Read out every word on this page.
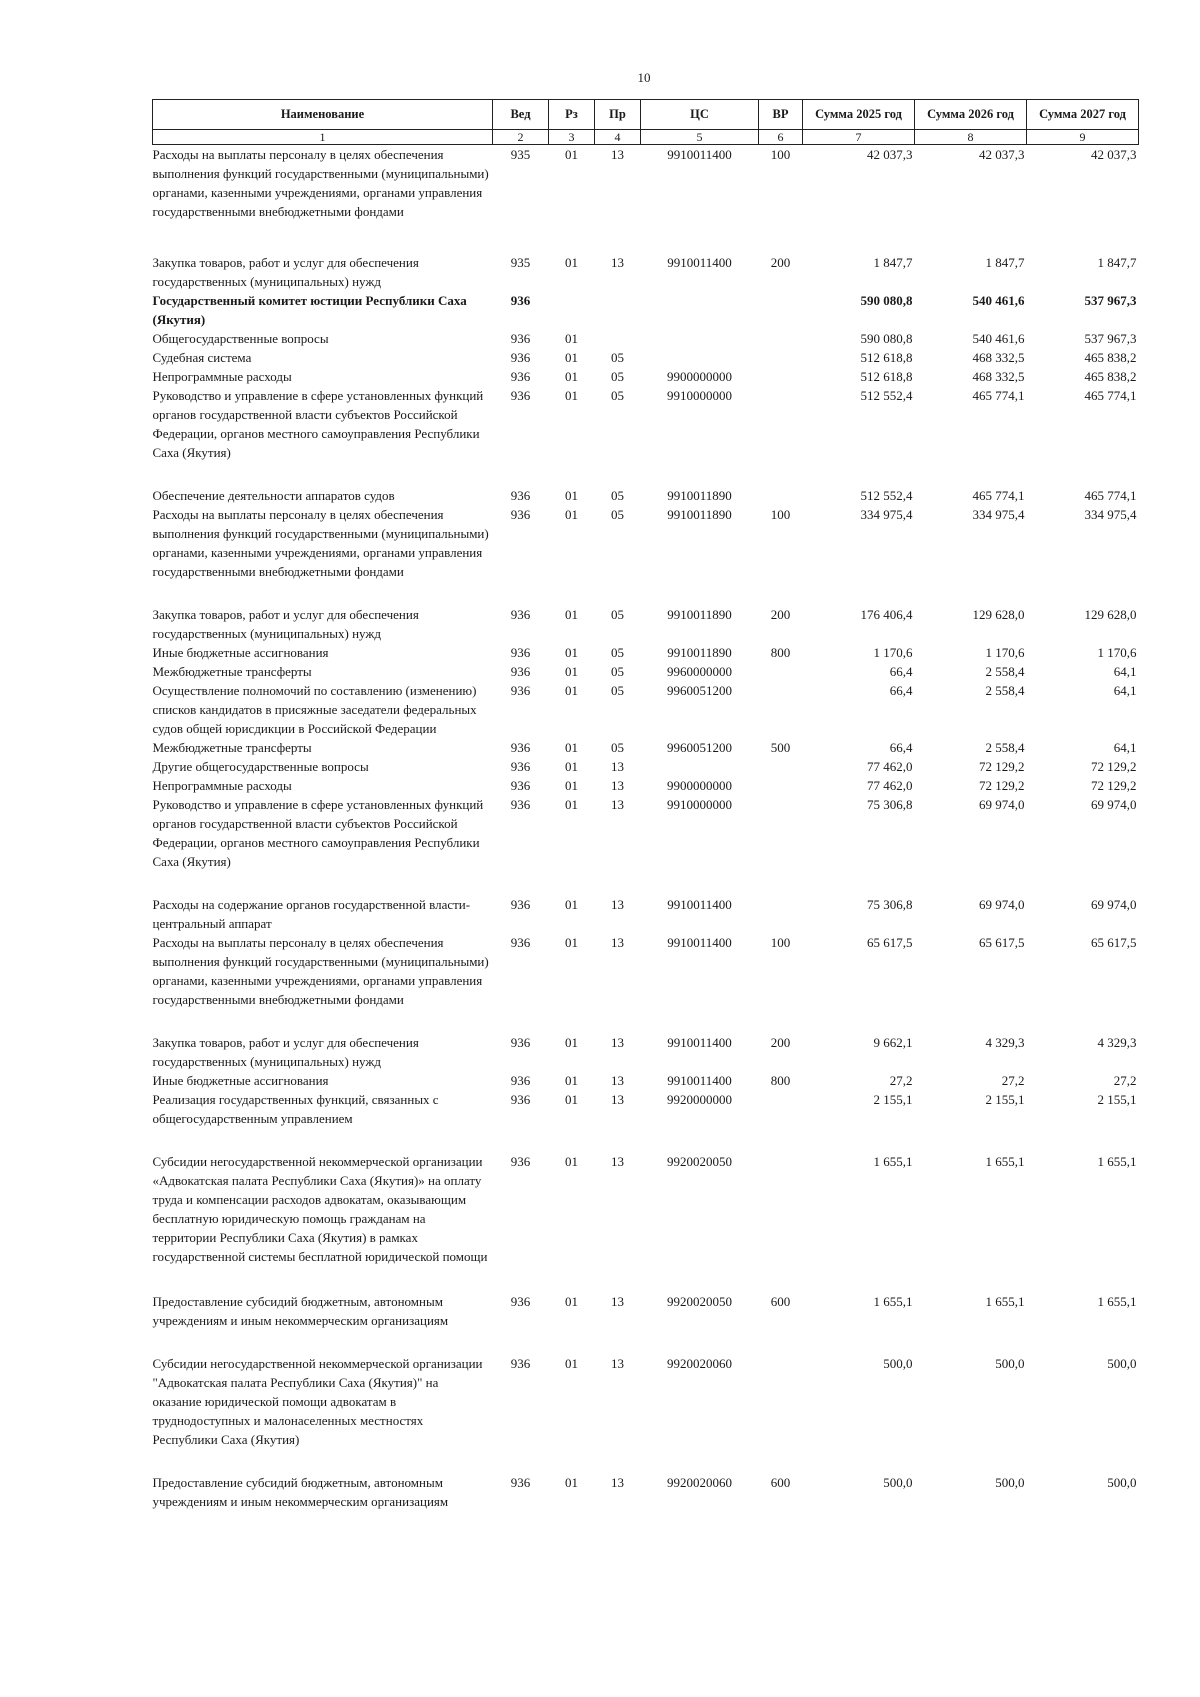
10
Наименование	Вед	Рз	Пр	ЦС	ВР	Сумма 2025 год	Сумма 2026 год	Сумма 2027 год
1	2	3	4	5	6	7	8	9
Расходы на выплаты персоналу в целях обеспечения выполнения функций государственными (муниципальными) органами, казенными учреждениями, органами управления государственными внебюджетными фондами	935	01	13	9910011400	100	42 037,3	42 037,3	42 037,3
Закупка товаров, работ и услуг для обеспечения государственных (муниципальных) нужд	935	01	13	9910011400	200	1 847,7	1 847,7	1 847,7
Государственный комитет юстиции Республики Саха (Якутия)	936					590 080,8	540 461,6	537 967,3
Общегосударственные вопросы	936	01				590 080,8	540 461,6	537 967,3
Судебная система	936	01	05			512 618,8	468 332,5	465 838,2
Непрограммные расходы	936	01	05	9900000000		512 618,8	468 332,5	465 838,2
Руководство и управление в сфере установленных функций органов государственной власти субъектов Российской Федерации, органов местного самоуправления Республики Саха (Якутия)	936	01	05	9910000000		512 552,4	465 774,1	465 774,1
Обеспечение деятельности аппаратов судов	936	01	05	9910011890		512 552,4	465 774,1	465 774,1
Расходы на выплаты персоналу в целях обеспечения выполнения функций государственными (муниципальными) органами, казенными учреждениями, органами управления государственными внебюджетными фондами	936	01	05	9910011890	100	334 975,4	334 975,4	334 975,4
Закупка товаров, работ и услуг для обеспечения государственных (муниципальных) нужд	936	01	05	9910011890	200	176 406,4	129 628,0	129 628,0
Иные бюджетные ассигнования	936	01	05	9910011890	800	1 170,6	1 170,6	1 170,6
Межбюджетные трансферты	936	01	05	9960000000		66,4	2 558,4	64,1
Осуществление полномочий по составлению (изменению) списков кандидатов в присяжные заседатели федеральных судов общей юрисдикции в Российской Федерации	936	01	05	9960051200		66,4	2 558,4	64,1
Межбюджетные трансферты	936	01	05	9960051200	500	66,4	2 558,4	64,1
Другие общегосударственные вопросы	936	01	13			77 462,0	72 129,2	72 129,2
Непрограммные расходы	936	01	13	9900000000		77 462,0	72 129,2	72 129,2
Руководство и управление в сфере установленных функций органов государственной власти субъектов Российской Федерации, органов местного самоуправления Республики Саха (Якутия)	936	01	13	9910000000		75 306,8	69 974,0	69 974,0
Расходы на содержание органов государственной власти- центральный аппарат	936	01	13	9910011400		75 306,8	69 974,0	69 974,0
Расходы на выплаты персоналу в целях обеспечения выполнения функций государственными (муниципальными) органами, казенными учреждениями, органами управления государственными внебюджетными фондами	936	01	13	9910011400	100	65 617,5	65 617,5	65 617,5
Закупка товаров, работ и услуг для обеспечения государственных (муниципальных) нужд	936	01	13	9910011400	200	9 662,1	4 329,3	4 329,3
Иные бюджетные ассигнования	936	01	13	9910011400	800	27,2	27,2	27,2
Реализация государственных функций, связанных с общегосударственным управлением	936	01	13	9920000000		2 155,1	2 155,1	2 155,1
Субсидии негосударственной некоммерческой организации «Адвокатская палата Республики Саха (Якутия)» на оплату труда и компенсации расходов адвокатам, оказывающим бесплатную юридическую помощь гражданам на территории Республики Саха (Якутия) в рамках государственной системы бесплатной юридической помощи	936	01	13	9920020050		1 655,1	1 655,1	1 655,1
Предоставление субсидий бюджетным, автономным учреждениям и иным некоммерческим организациям	936	01	13	9920020050	600	1 655,1	1 655,1	1 655,1
Субсидии негосударственной некоммерческой организации "Адвокатская палата Республики Саха (Якутия)" на оказание юридической помощи адвокатам в труднодоступных и малонаселенных местностях Республики Саха (Якутия)	936	01	13	9920020060		500,0	500,0	500,0
Предоставление субсидий бюджетным, автономным учреждениям и иным некоммерческим организациям	936	01	13	9920020060	600	500,0	500,0	500,0
